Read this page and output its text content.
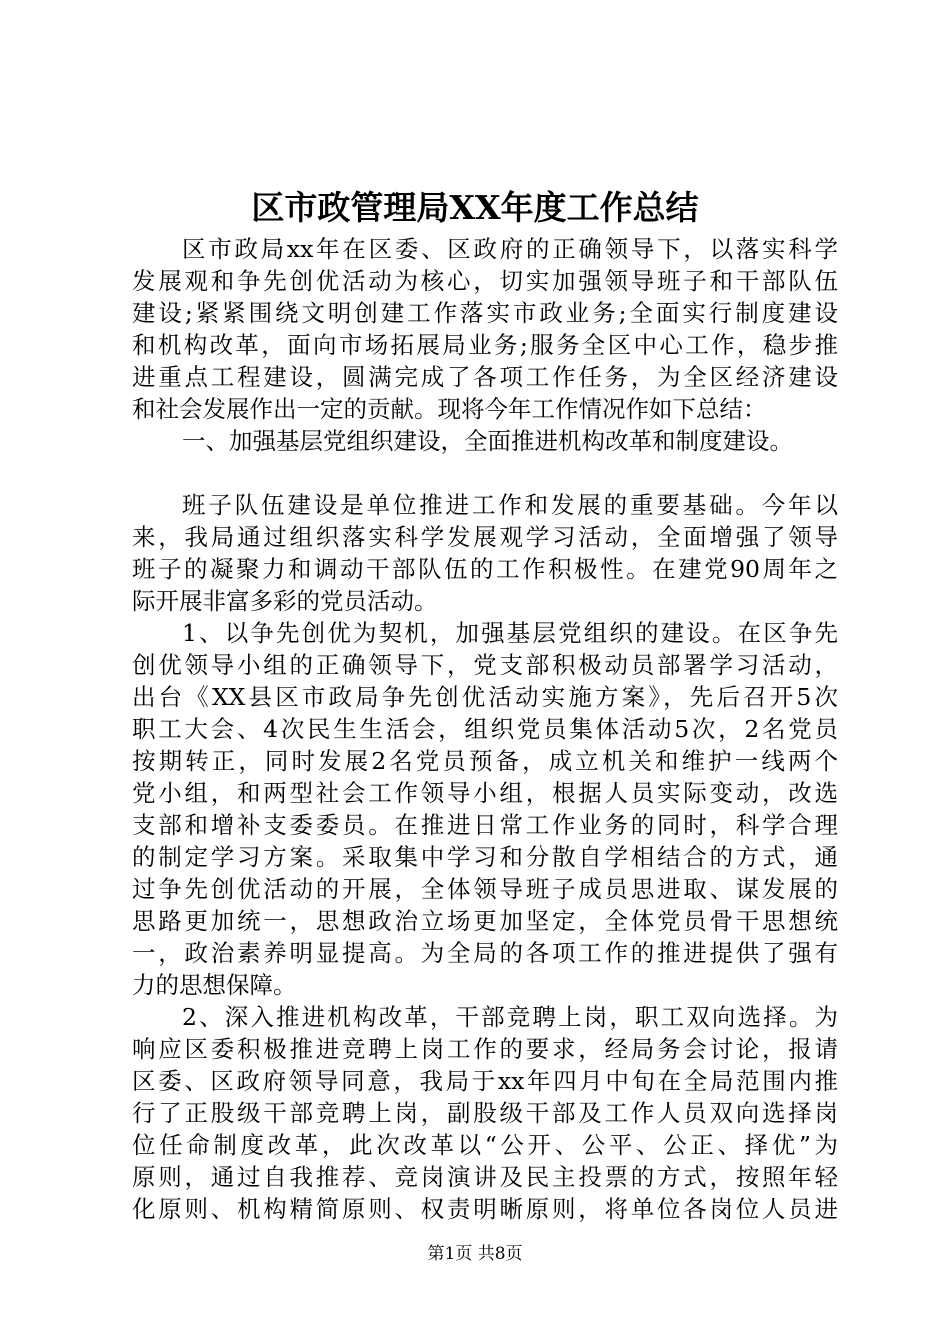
区市政管理局XX年度工作总结
区市政局xx年在区委、区政府的正确领导下，以落实科学
发展观和争先创优活动为核心，切实加强领导班子和干部队伍
建设;紧紧围绕文明创建工作落实市政业务;全面实行制度建设
和机构改革，面向市场拓展局业务;服务全区中心工作，稳步推
进重点工程建设，圆满完成了各项工作任务，为全区经济建设
和社会发展作出一定的贡献。现将今年工作情况作如下总结：
一、加强基层党组织建设，全面推进机构改革和制度建设。
班子队伍建设是单位推进工作和发展的重要基础。今年以
来，我局通过组织落实科学发展观学习活动，全面增强了领导
班子的凝聚力和调动干部队伍的工作积极性。在建党90周年之
际开展非富多彩的党员活动。
1、以争先创优为契机，加强基层党组织的建设。在区争先
创优领导小组的正确领导下，党支部积极动员部署学习活动，
出台《XX县区市政局争先创优活动实施方案》，先后召开5次
职工大会、4次民生生活会，组织党员集体活动5次，2名党员
按期转正，同时发展2名党员预备，成立机关和维护一线两个
党小组，和两型社会工作领导小组，根据人员实际变动，改选
支部和增补支委委员。在推进日常工作业务的同时，科学合理
的制定学习方案。采取集中学习和分散自学相结合的方式，通
过争先创优活动的开展，全体领导班子成员思进取、谋发展的
思路更加统一，思想政治立场更加坚定，全体党员骨干思想统
一，政治素养明显提高。为全局的各项工作的推进提供了强有
力的思想保障。
2、深入推进机构改革，干部竞聘上岗，职工双向选择。为
响应区委积极推进竞聘上岗工作的要求，经局务会讨论，报请
区委、区政府领导同意，我局于xx年四月中旬在全局范围内推
行了正股级干部竞聘上岗，副股级干部及工作人员双向选择岗
位任命制度改革，此次改革以“公开、公平、公正、择优”为
原则，通过自我推荐、竞岗演讲及民主投票的方式，按照年轻
化原则、机构精简原则、权责明晰原则，将单位各岗位人员进
第1页 共8页
